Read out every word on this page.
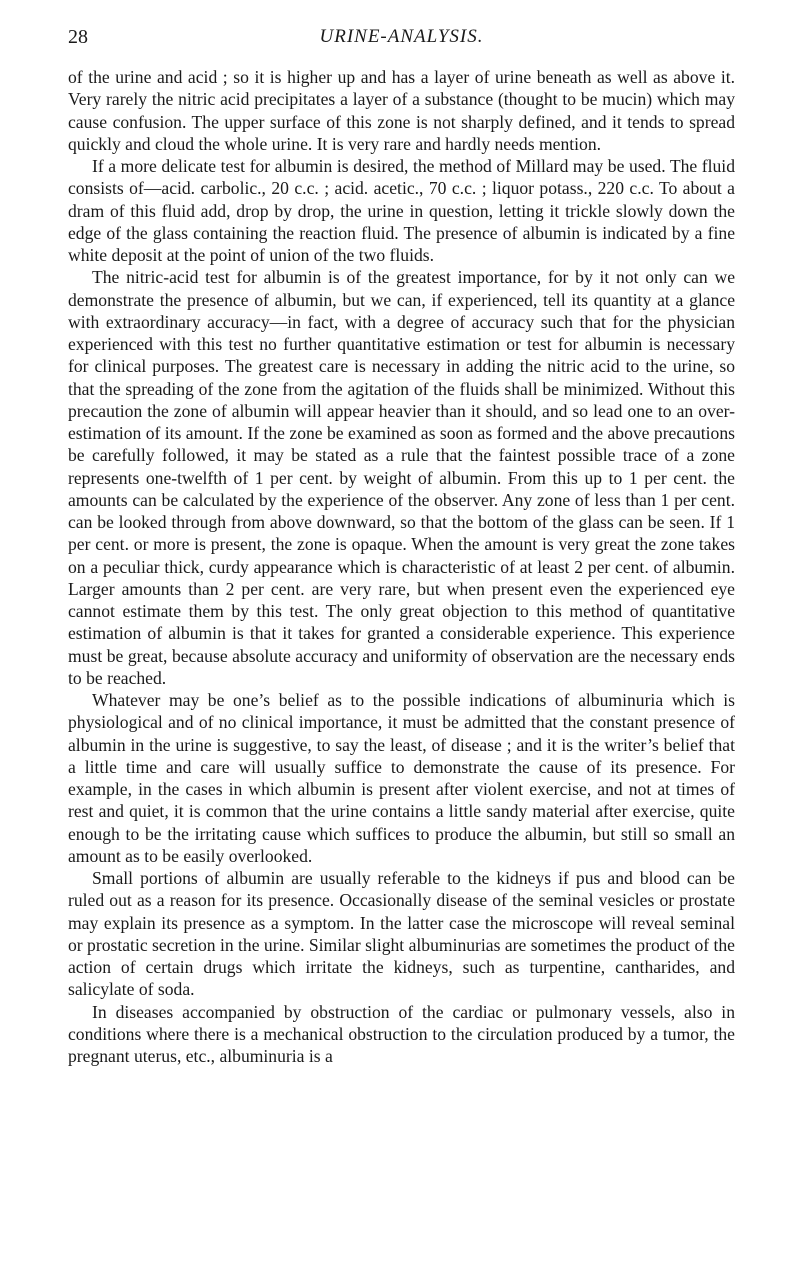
28	URINE-ANALYSIS.

of the urine and acid ; so it is higher up and has a layer of urine beneath as well as above it. Very rarely the nitric acid precipitates a layer of a substance (thought to be mucin) which may cause confusion. The upper surface of this zone is not sharply defined, and it tends to spread quickly and cloud the whole urine. It is very rare and hardly needs mention.

If a more delicate test for albumin is desired, the method of Millard may be used. The fluid consists of—acid. carbolic., 20 c.c. ; acid. acetic., 70 c.c. ; liquor potass., 220 c.c. To about a dram of this fluid add, drop by drop, the urine in question, letting it trickle slowly down the edge of the glass containing the reaction fluid. The presence of albumin is indicated by a fine white deposit at the point of union of the two fluids.

The nitric-acid test for albumin is of the greatest importance, for by it not only can we demonstrate the presence of albumin, but we can, if experienced, tell its quantity at a glance with extraordinary accuracy—in fact, with a degree of accuracy such that for the physician experienced with this test no further quantitative estimation or test for albumin is necessary for clinical purposes. The greatest care is necessary in adding the nitric acid to the urine, so that the spreading of the zone from the agitation of the fluids shall be minimized. Without this precaution the zone of albumin will appear heavier than it should, and so lead one to an over-estimation of its amount. If the zone be examined as soon as formed and the above precautions be carefully followed, it may be stated as a rule that the faintest possible trace of a zone represents one-twelfth of 1 per cent. by weight of albumin. From this up to 1 per cent. the amounts can be calculated by the experience of the observer. Any zone of less than 1 per cent. can be looked through from above downward, so that the bottom of the glass can be seen. If 1 per cent. or more is present, the zone is opaque. When the amount is very great the zone takes on a peculiar thick, curdy appearance which is characteristic of at least 2 per cent. of albumin. Larger amounts than 2 per cent. are very rare, but when present even the experienced eye cannot estimate them by this test. The only great objection to this method of quantitative estimation of albumin is that it takes for granted a considerable experience. This experience must be great, because absolute accuracy and uniformity of observation are the necessary ends to be reached.

Whatever may be one’s belief as to the possible indications of albuminuria which is physiological and of no clinical importance, it must be admitted that the constant presence of albumin in the urine is suggestive, to say the least, of disease ; and it is the writer’s belief that a little time and care will usually suffice to demonstrate the cause of its presence. For example, in the cases in which albumin is present after violent exercise, and not at times of rest and quiet, it is common that the urine contains a little sandy material after exercise, quite enough to be the irritating cause which suffices to produce the albumin, but still so small an amount as to be easily overlooked.

Small portions of albumin are usually referable to the kidneys if pus and blood can be ruled out as a reason for its presence. Occasionally disease of the seminal vesicles or prostate may explain its presence as a symptom. In the latter case the microscope will reveal seminal or prostatic secretion in the urine. Similar slight albuminurias are sometimes the product of the action of certain drugs which irritate the kidneys, such as turpentine, cantharides, and salicylate of soda.

In diseases accompanied by obstruction of the cardiac or pulmonary vessels, also in conditions where there is a mechanical obstruction to the circulation produced by a tumor, the pregnant uterus, etc., albuminuria is a
